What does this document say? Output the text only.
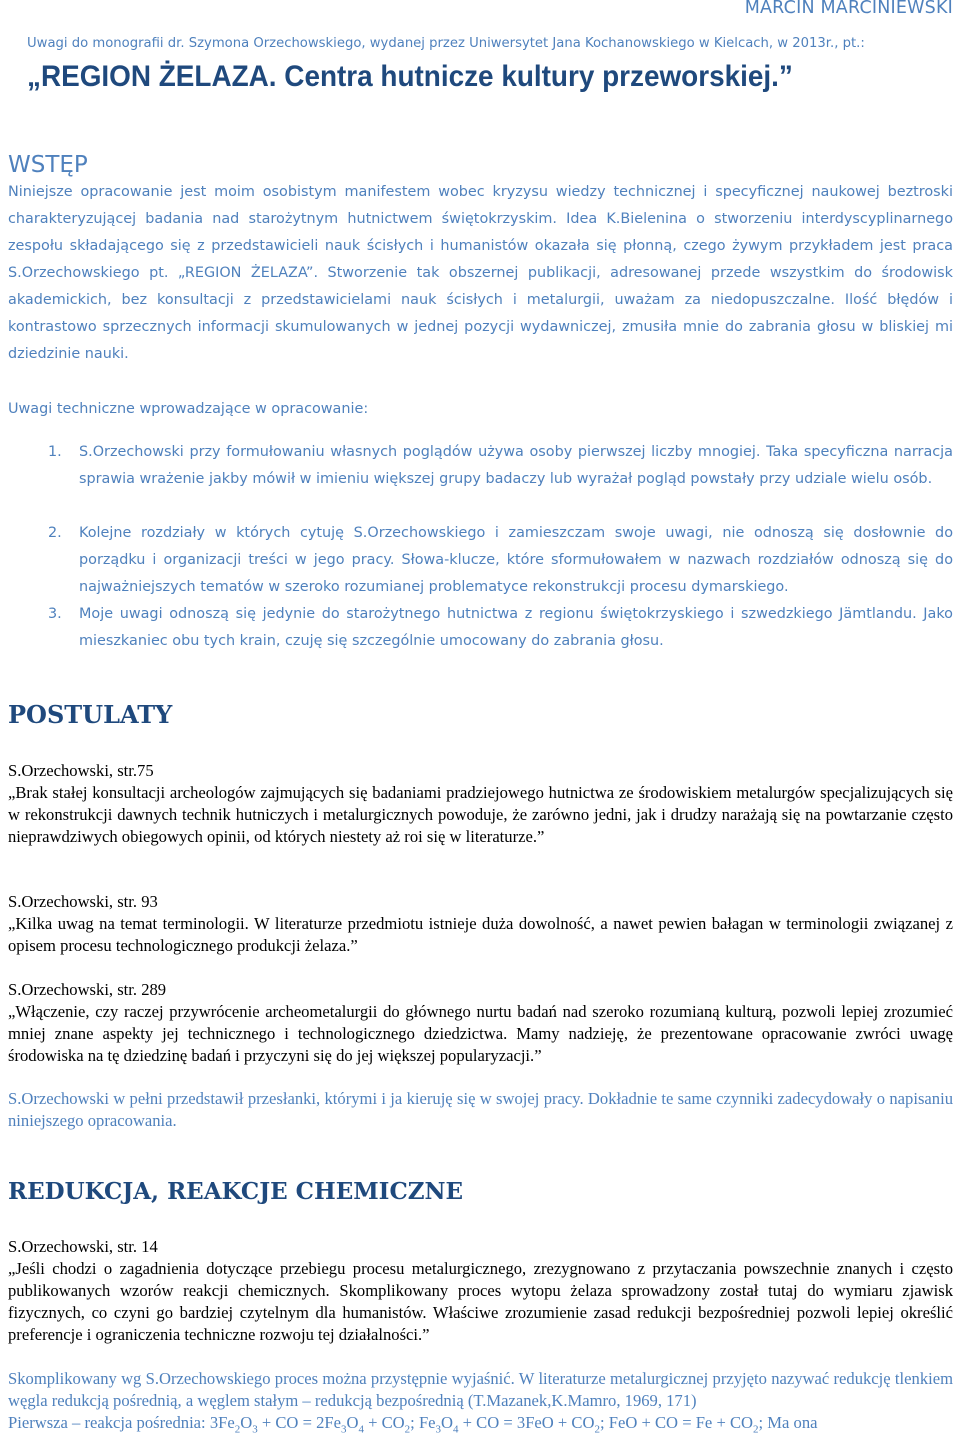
MARCIN MARCINIEWSKI
Uwagi do monografii dr. Szymona Orzechowskiego, wydanej przez Uniwersytet Jana Kochanowskiego w Kielcach, w 2013r., pt.:
„REGION ŻELAZA. Centra hutnicze kultury przeworskiej.”
WSTĘP
Niniejsze opracowanie jest moim osobistym manifestem wobec kryzysu wiedzy technicznej i specyficznej naukowej beztroski charakteryzującej badania nad starożytnym hutnictwem świętokrzyskim. Idea K.Bielenina o stworzeniu interdyscyplinarnego zespołu składającego się z przedstawicieli nauk ścisłych i humanistów okazała się płonną, czego żywym przykładem jest praca S.Orzechowskiego pt. „REGION ŻELAZA”. Stworzenie tak obszernej publikacji, adresowanej przede wszystkim do środowisk akademickich, bez konsultacji z przedstawicielami nauk ścisłych i metalurgii, uważam za niedopuszczalne. Ilość błędów i kontrastowo sprzecznych informacji skumulowanych w jednej pozycji wydawniczej, zmusiła mnie do zabrania głosu w bliskiej mi dziedzinie nauki.
Uwagi techniczne wprowadzające w opracowanie:
1. S.Orzechowski przy formułowaniu własnych poglądów używa osoby pierwszej liczby mnogiej. Taka specyficzna narracja sprawia wrażenie jakby mówił w imieniu większej grupy badaczy lub wyrażał pogląd powstały przy udziale wielu osób.
2. Kolejne rozdziały w których cytuję S.Orzechowskiego i zamieszczam swoje uwagi, nie odnoszą się dosłownie do porządku i organizacji treści w jego pracy. Słowa-klucze, które sformułowałem w nazwach rozdziałów odnoszą się do najważniejszych tematów w szeroko rozumianej problematyce rekonstrukcji procesu dymarskiego.
3. Moje uwagi odnoszą się jedynie do starożytnego hutnictwa z regionu świętokrzyskiego i szwedzkiego Jämtlandu. Jako mieszkaniec obu tych krain, czuję się szczególnie umocowany do zabrania głosu.
POSTULATY
S.Orzechowski, str.75
„Brak stałej konsultacji archeologów zajmujących się badaniami pradziejowego hutnictwa ze środowiskiem metalurgów specjalizujących się w rekonstrukcji dawnych technik hutniczych i metalurgicznych powoduje, że zarówno jedni, jak i drudzy narażają się na powtarzanie często nieprawdziwych obiegowych opinii, od których niestety aż roi się w literaturze.”
S.Orzechowski, str. 93
„Kilka uwag na temat terminologii. W literaturze przedmiotu istnieje duża dowolność, a nawet pewien bałagan w terminologii związanej z opisem procesu technologicznego produkcji żelaza.”
S.Orzechowski, str. 289
„Włączenie, czy raczej przywrócenie archeometalurgii do głównego nurtu badań nad szeroko rozumianą kulturą, pozwoli lepiej zrozumieć mniej znane aspekty jej technicznego i technologicznego dziedzictwa. Mamy nadzieję, że prezentowane opracowanie zwróci uwagę środowiska na tę dziedzinę badań i przyczyni się do jej większej popularyzacji.”
S.Orzechowski w pełni przedstawił przesłanki, którymi i ja kieruję się w swojej pracy. Dokładnie te same czynniki zadecydowały o napisaniu niniejszego opracowania.
REDUKCJA, REAKCJE CHEMICZNE
S.Orzechowski, str. 14
„Jeśli chodzi o zagadnienia dotyczące przebiegu procesu metalurgicznego, zrezygnowano z przytaczania powszechnie znanych i często publikowanych wzorów reakcji chemicznych. Skomplikowany proces wytopu żelaza sprowadzony został tutaj do wymiaru zjawisk fizycznych, co czyni go bardziej czytelnym dla humanistów. Właściwe zrozumienie zasad redukcji bezpośredniej pozwoli lepiej określić preferencje i ograniczenia techniczne rozwoju tej działalności.”
Skomplikowany wg S.Orzechowskiego proces można przystępnie wyjaśnić. W literaturze metalurgicznej przyjęto nazywać redukcję tlenkiem węgla redukcją pośrednią, a węglem stałym – redukcją bezpośrednią (T.Mazanek,K.Mamro, 1969, 171)
Pierwsza – reakcja pośrednia: $3Fe_2O_3$ + CO = $2Fe_3O_4 + CO_2$; $Fe_3O_4$ + CO = $3FeO + CO_2$; FeO + CO = $Fe + CO_2$; Ma ona
